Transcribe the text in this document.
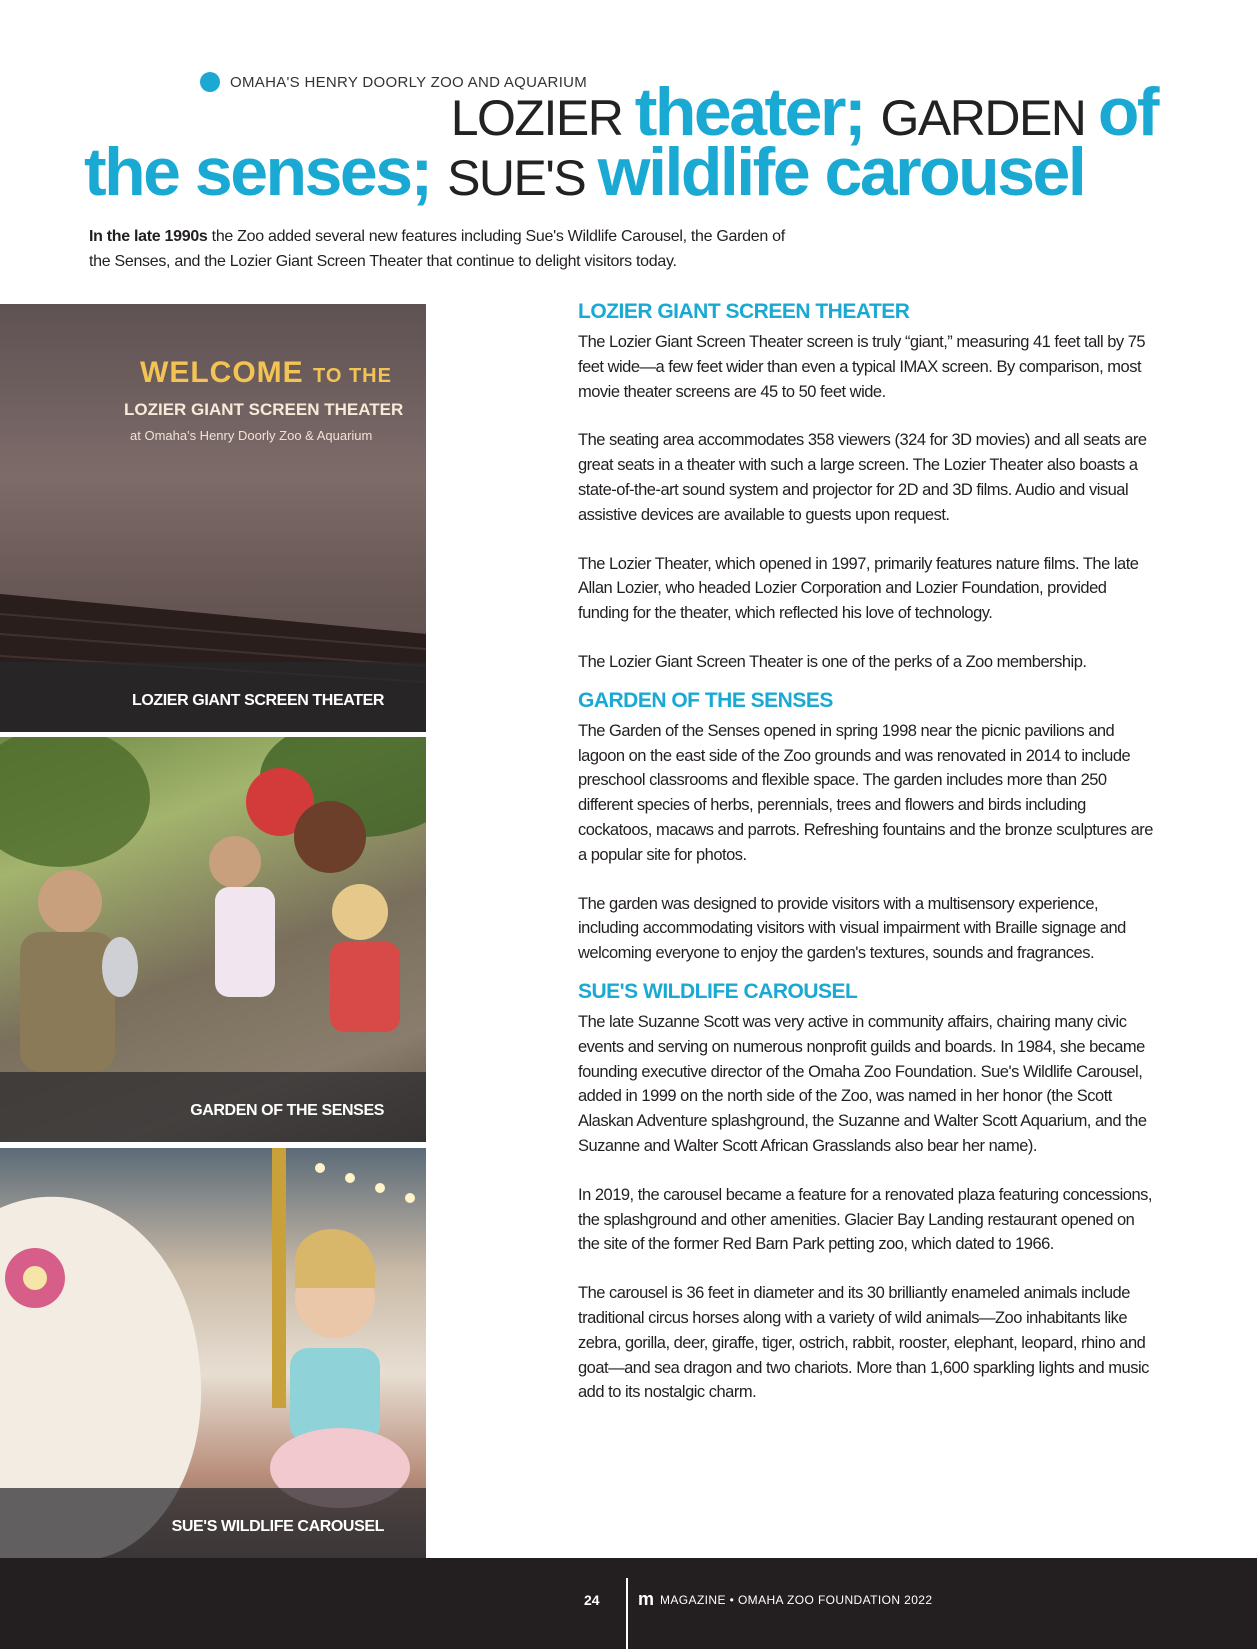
OMAHA'S HENRY DOORLY ZOO AND AQUARIUM
LOZIER theater; GARDEN of
the senses; SUE'S wildlife carousel
In the late 1990s the Zoo added several new features including Sue's Wildlife Carousel, the Garden of the Senses, and the Lozier Giant Screen Theater that continue to delight visitors today.
WELCOME TO THE
LOZIER GIANT SCREEN THEATER
at Omaha's Henry Doorly Zoo & Aquarium
LOZIER GIANT SCREEN THEATER
GARDEN OF THE SENSES
SUE'S WILDLIFE CAROUSEL
LOZIER GIANT SCREEN THEATER

The Lozier Giant Screen Theater screen is truly “giant,” measuring 41 feet tall by 75 feet wide—a few feet wider than even a typical IMAX screen. By comparison, most movie theater screens are 45 to 50 feet wide.

The seating area accommodates 358 viewers (324 for 3D movies) and all seats are great seats in a theater with such a large screen. The Lozier Theater also boasts a state-of-the-art sound system and projector for 2D and 3D films. Audio and visual assistive devices are available to guests upon request.

The Lozier Theater, which opened in 1997, primarily features nature films. The late Allan Lozier, who headed Lozier Corporation and Lozier Foundation, provided funding for the theater, which reflected his love of technology.

The Lozier Giant Screen Theater is one of the perks of a Zoo membership.

GARDEN OF THE SENSES

The Garden of the Senses opened in spring 1998 near the picnic pavilions and lagoon on the east side of the Zoo grounds and was renovated in 2014 to include preschool classrooms and flexible space. The garden includes more than 250 different species of herbs, perennials, trees and flowers and birds including cockatoos, macaws and parrots. Refreshing fountains and the bronze sculptures are a popular site for photos.

The garden was designed to provide visitors with a multisensory experience, including accommodating visitors with visual impairment with Braille signage and welcoming everyone to enjoy the garden's textures, sounds and fragrances.

SUE'S WILDLIFE CAROUSEL

The late Suzanne Scott was very active in community affairs, chairing many civic events and serving on numerous nonprofit guilds and boards. In 1984, she became founding executive director of the Omaha Zoo Foundation. Sue's Wildlife Carousel, added in 1999 on the north side of the Zoo, was named in her honor (the Scott Alaskan Adventure splashground, the Suzanne and Walter Scott Aquarium, and the Suzanne and Walter Scott African Grasslands also bear her name).

In 2019, the carousel became a feature for a renovated plaza featuring concessions, the splashground and other amenities. Glacier Bay Landing restaurant opened on the site of the former Red Barn Park petting zoo, which dated to 1966.

The carousel is 36 feet in diameter and its 30 brilliantly enameled animals include traditional circus horses along with a variety of wild animals—Zoo inhabitants like zebra, gorilla, deer, giraffe, tiger, ostrich, rabbit, rooster, elephant, leopard, rhino and goat—and sea dragon and two chariots. More than 1,600 sparkling lights and music add to its nostalgic charm.

24 m MAGAZINE • OMAHA ZOO FOUNDATION 2022
